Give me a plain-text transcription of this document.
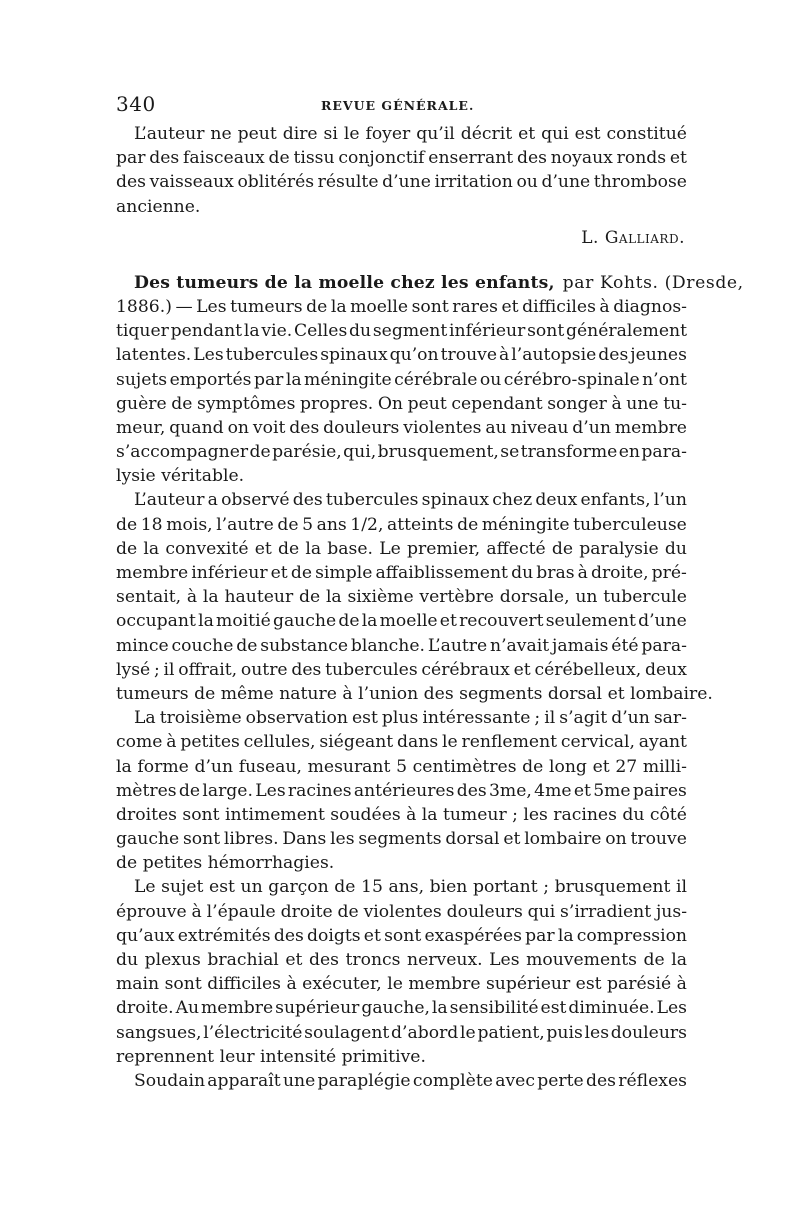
340	REVUE GÉNÉRALE.
L’auteur ne peut dire si le foyer qu’il décrit et qui est constitué
par des faisceaux de tissu conjonctif enserrant des noyaux ronds et
des vaisseaux oblitérés résulte d’une irritation ou d’une thrombose
ancienne.
L. Galliard.
Des tumeurs de la moelle chez les enfants, par Kohts. (Dresde,
1886.) — Les tumeurs de la moelle sont rares et difficiles à diagnos-
tiquer pendant la vie. Celles du segment inférieur sont généralement
latentes. Les tubercules spinaux qu’on trouve à l’autopsie des jeunes
sujets emportés par la méningite cérébrale ou cérébro-spinale n’ont
guère de symptômes propres. On peut cependant songer à une tu-
meur, quand on voit des douleurs violentes au niveau d’un membre
s’accompagner de parésie, qui, brusquement, se transforme en para-
lysie véritable.
L’auteur a observé des tubercules spinaux chez deux enfants, l’un
de 18 mois, l’autre de 5 ans 1/2, atteints de méningite tuberculeuse
de la convexité et de la base. Le premier, affecté de paralysie du
membre inférieur et de simple affaiblissement du bras à droite, pré-
sentait, à la hauteur de la sixième vertèbre dorsale, un tubercule
occupant la moitié gauche de la moelle et recouvert seulement d’une
mince couche de substance blanche. L’autre n’avait jamais été para-
lysé ; il offrait, outre des tubercules cérébraux et cérébelleux, deux
tumeurs de même nature à l’union des segments dorsal et lombaire.
La troisième observation est plus intéressante ; il s’agit d’un sar-
come à petites cellules, siégeant dans le renflement cervical, ayant
la forme d’un fuseau, mesurant 5 centimètres de long et 27 milli-
mètres de large. Les racines antérieures des 3me, 4me et 5me paires
droites sont intimement soudées à la tumeur ; les racines du côté
gauche sont libres. Dans les segments dorsal et lombaire on trouve
de petites hémorrhagies.
Le sujet est un garçon de 15 ans, bien portant ; brusquement il
éprouve à l’épaule droite de violentes douleurs qui s’irradient jus-
qu’aux extrémités des doigts et sont exaspérées par la compression
du plexus brachial et des troncs nerveux. Les mouvements de la
main sont difficiles à exécuter, le membre supérieur est parésié à
droite. Au membre supérieur gauche, la sensibilité est diminuée. Les
sangsues, l’électricité soulagent d’abord le patient, puis les douleurs
reprennent leur intensité primitive.
Soudain apparaît une paraplégie complète avec perte des réflexes
